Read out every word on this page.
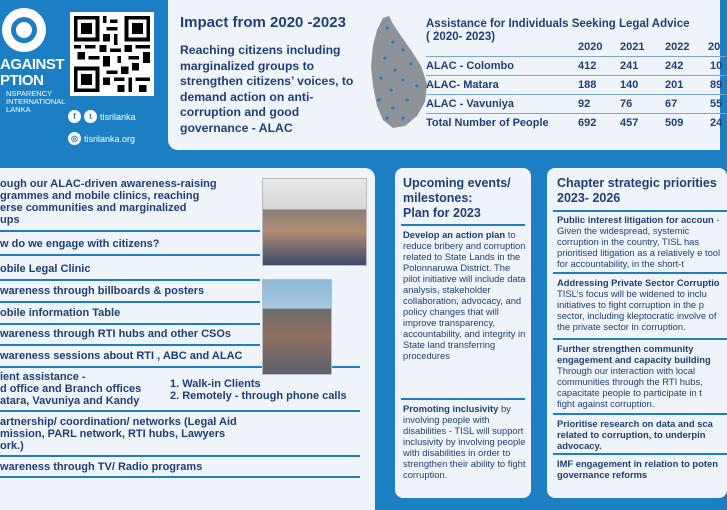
AGAINST
PTION
NSPARENCY INTERNATIONAL LANKA
f	t tisrilanka
◎ tisrilanka.org
Impact from 2020 -2023
Reaching citizens including marginalized groups to strengthen citizens’ voices, to demand action on anti-corruption and good governance - ALAC
Assistance for Individuals Seeking Legal Advice
( 2020- 2023)
2020 2021 2022 20
ALAC - Colombo	412 241 242 10
ALAC- Matara	188 140 201 89
ALAC - Vavuniya	92	76	67	55
Total Number of People	692 457 509 24
ough our ALAC-driven awareness-raising
grammes and mobile clinics, reaching
erse communities and marginalized
ups
w do we engage with citizens?
obile Legal Clinic
wareness through billboards & posters
obile information Table
wareness through RTI hubs and other CSOs
wareness sessions about RTI , ABC and ALAC
ient assistance -
d office and Branch offices
atara, Vavuniya and Kandy
1. Walk-in Clients
2. Remotely - through phone calls
artnership/ coordination/ networks (Legal Aid
mission, PARL network, RTI hubs, Lawyers
ork.)
wareness through TV/ Radio programs
Upcoming events/
milestones:
Plan for 2023
Develop an action plan to reduce bribery and corruption related to State Lands in the Polonnaruwa District. The pilot initiative will include data analysis, stakeholder collaboration, advocacy, and policy changes that will improve transparency, accountability, and integrity in State land transferring procedures
Promoting inclusivity by involving people with disabilities - TISL will support inclusivity by involving people with disabilities in order to strengthen their ability to fight corruption.
Chapter strategic priorities
2023- 2026
Public interest litigation for accoun - Given the widespread, systemic corruption in the country, TISL has prioritised litigation as a relatively e tool for accountability, in the short-t
Addressing Private Sector Corruptio TISL's focus will be widened to inclu initiatives to fight corruption in the p sector, including kleptocratic involve of the private sector in corruption.
Further strengthen community engagement and capacity building Through our interaction with local communities through the RTI hubs, capacitate people to participate in t fight against corruption.
Prioritise research on data and sca related to corruption, to underpin advocacy.
IMF engagement in relation to poten governance reforms
